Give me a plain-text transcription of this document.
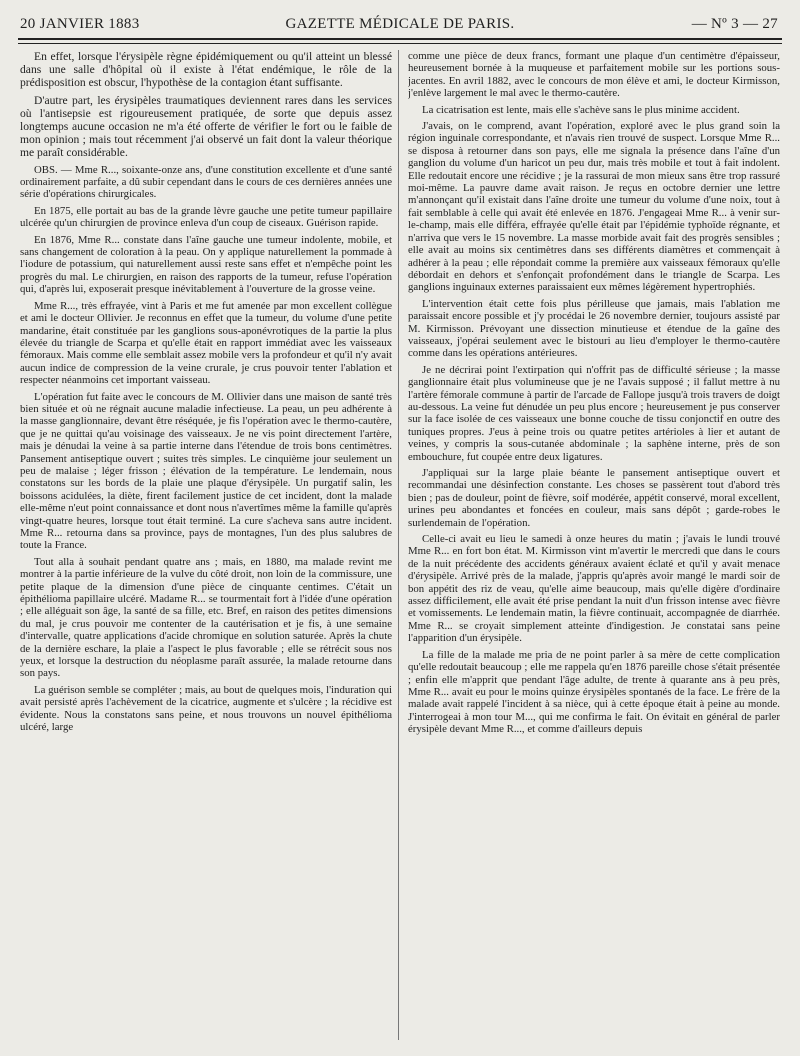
20 JANVIER 1883	GAZETTE MÉDICALE DE PARIS.	— Nº 3 — 27

En effet, lorsque l'érysipèle règne épidémiquement ou qu'il atteint un blessé dans une salle d'hôpital où il existe à l'état endémique, le rôle de la prédisposition est obscur, l'hypothèse de la contagion étant suffisante.

D'autre part, les érysipèles traumatiques deviennent rares dans les services où l'antisepsie est rigoureusement pratiquée, de sorte que depuis assez longtemps aucune occasion ne m'a été offerte de vérifier le fort ou le faible de mon opinion ; mais tout récemment j'ai observé un fait dont la valeur théorique me paraît considérable.

OBS. — Mme R..., soixante-onze ans, d'une constitution excellente et d'une santé ordinairement parfaite, a dû subir cependant dans le cours de ces dernières années une série d'opérations chirurgicales.

En 1875, elle portait au bas de la grande lèvre gauche une petite tumeur papillaire ulcérée qu'un chirurgien de province enleva d'un coup de ciseaux. Guérison rapide.

En 1876, Mme R... constate dans l'aîne gauche une tumeur indolente, mobile, et sans changement de coloration à la peau. On y applique naturellement la pommade à l'iodure de potassium, qui naturellement aussi reste sans effet et n'empêche point les progrès du mal. Le chirurgien, en raison des rapports de la tumeur, refuse l'opération qui, d'après lui, exposerait presque inévitablement à l'ouverture de la grosse veine.

Mme R..., très effrayée, vint à Paris et me fut amenée par mon excellent collègue et ami le docteur Ollivier. Je reconnus en effet que la tumeur, du volume d'une petite mandarine, était constituée par les ganglions sous-aponévrotiques de la partie la plus élevée du triangle de Scarpa et qu'elle était en rapport immédiat avec les vaisseaux fémoraux. Mais comme elle semblait assez mobile vers la profondeur et qu'il n'y avait aucun indice de compression de la veine crurale, je crus pouvoir tenter l'ablation et respecter néanmoins cet important vaisseau.

L'opération fut faite avec le concours de M. Ollivier dans une maison de santé très bien située et où ne régnait aucune maladie infectieuse. La peau, un peu adhérente à la masse ganglionnaire, devant être réséquée, je fis l'opération avec le thermo-cautère, que je ne quittai qu'au voisinage des vaisseaux. Je ne vis point directement l'artère, mais je dénudai la veine à sa partie interne dans l'étendue de trois bons centimètres. Pansement antiseptique ouvert ; suites très simples. Le cinquième jour seulement un peu de malaise ; léger frisson ; élévation de la température. Le lendemain, nous constatons sur les bords de la plaie une plaque d'érysipèle. Un purgatif salin, les boissons acidulées, la diète, firent facilement justice de cet incident, dont la malade elle-même n'eut point connaissance et dont nous n'avertîmes même la famille qu'après vingt-quatre heures, lorsque tout était terminé. La cure s'acheva sans autre incident. Mme R... retourna dans sa province, pays de montagnes, l'un des plus salubres de toute la France.

Tout alla à souhait pendant quatre ans ; mais, en 1880, ma malade revint me montrer à la partie inférieure de la vulve du côté droit, non loin de la commissure, une petite plaque de la dimension d'une pièce de cinquante centimes. C'était un épithélioma papillaire ulcéré. Madame R... se tourmentait fort à l'idée d'une opération ; elle alléguait son âge, la santé de sa fille, etc. Bref, en raison des petites dimensions du mal, je crus pouvoir me contenter de la cautérisation et je fis, à une semaine d'intervalle, quatre applications d'acide chromique en solution saturée. Après la chute de la dernière eschare, la plaie a l'aspect le plus favorable ; elle se rétrécit sous nos yeux, et lorsque la destruction du néoplasme paraît assurée, la malade retourne dans son pays.

La guérison semble se compléter ; mais, au bout de quelques mois, l'induration qui avait persisté après l'achèvement de la cicatrice, augmente et s'ulcère ; la récidive est évidente. Nous la constatons sans peine, et nous trouvons un nouvel épithélioma ulcéré, large

comme une pièce de deux francs, formant une plaque d'un centimètre d'épaisseur, heureusement bornée à la muqueuse et parfaitement mobile sur les portions sous-jacentes. En avril 1882, avec le concours de mon élève et ami, le docteur Kirmisson, j'enlève largement le mal avec le thermo-cautère.

La cicatrisation est lente, mais elle s'achève sans le plus minime accident.

J'avais, on le comprend, avant l'opération, exploré avec le plus grand soin la région inguinale correspondante, et n'avais rien trouvé de suspect. Lorsque Mme R... se disposa à retourner dans son pays, elle me signala la présence dans l'aîne d'un ganglion du volume d'un haricot un peu dur, mais très mobile et tout à fait indolent. Elle redoutait encore une récidive ; je la rassurai de mon mieux sans être trop rassuré moi-même. La pauvre dame avait raison. Je reçus en octobre dernier une lettre m'annonçant qu'il existait dans l'aîne droite une tumeur du volume d'une noix, tout à fait semblable à celle qui avait été enlevée en 1876. J'engageai Mme R... à venir sur-le-champ, mais elle différa, effrayée qu'elle était par l'épidémie typhoïde régnante, et n'arriva que vers le 15 novembre. La masse morbide avait fait des progrès sensibles ; elle avait au moins six centimètres dans ses différents diamètres et commençait à adhérer à la peau ; elle répondait comme la première aux vaisseaux fémoraux qu'elle débordait en dehors et s'enfonçait profondément dans le triangle de Scarpa. Les ganglions inguinaux externes paraissaient eux mêmes légèrement hypertrophiés.

L'intervention était cette fois plus périlleuse que jamais, mais l'ablation me paraissait encore possible et j'y procédai le 26 novembre dernier, toujours assisté par M. Kirmisson. Prévoyant une dissection minutieuse et étendue de la gaîne des vaisseaux, j'opérai seulement avec le bistouri au lieu d'employer le thermo-cautère comme dans les opérations antérieures.

Je ne décrirai point l'extirpation qui n'offrit pas de difficulté sérieuse ; la masse ganglionnaire était plus volumineuse que je ne l'avais supposé ; il fallut mettre à nu l'artère fémorale commune à partir de l'arcade de Fallope jusqu'à trois travers de doigt au-dessous. La veine fut dénudée un peu plus encore ; heureusement je pus conserver sur la face isolée de ces vaisseaux une bonne couche de tissu conjonctif en outre des tuniques propres. J'eus à peine trois ou quatre petites artérioles à lier et autant de veines, y compris la sous-cutanée abdominale ; la saphène interne, près de son embouchure, fut coupée entre deux ligatures.

J'appliquai sur la large plaie béante le pansement antiseptique ouvert et recommandai une désinfection constante. Les choses se passèrent tout d'abord très bien ; pas de douleur, point de fièvre, soif modérée, appétit conservé, moral excellent, urines peu abondantes et foncées en couleur, mais sans dépôt ; garde-robes le surlendemain de l'opération.

Celle-ci avait eu lieu le samedi à onze heures du matin ; j'avais le lundi trouvé Mme R... en fort bon état. M. Kirmisson vint m'avertir le mercredi que dans le cours de la nuit précédente des accidents généraux avaient éclaté et qu'il y avait menace d'érysipèle. Arrivé près de la malade, j'appris qu'après avoir mangé le mardi soir de bon appétit des riz de veau, qu'elle aime beaucoup, mais qu'elle digère d'ordinaire assez difficilement, elle avait été prise pendant la nuit d'un frisson intense avec fièvre et vomissements. Le lendemain matin, la fièvre continuait, accompagnée de diarrhée. Mme R... se croyait simplement atteinte d'indigestion. Je constatai sans peine l'apparition d'un érysipèle.

La fille de la malade me pria de ne point parler à sa mère de cette complication qu'elle redoutait beaucoup ; elle me rappela qu'en 1876 pareille chose s'était présentée ; enfin elle m'apprit que pendant l'âge adulte, de trente à quarante ans à peu près, Mme R... avait eu pour le moins quinze érysipèles spontanés de la face. Le frère de la malade avait rappelé l'incident à sa nièce, qui à cette époque était à peine au monde. J'interrogeai à mon tour M..., qui me confirma le fait. On évitait en général de parler érysipèle devant Mme R..., et comme d'ailleurs depuis
